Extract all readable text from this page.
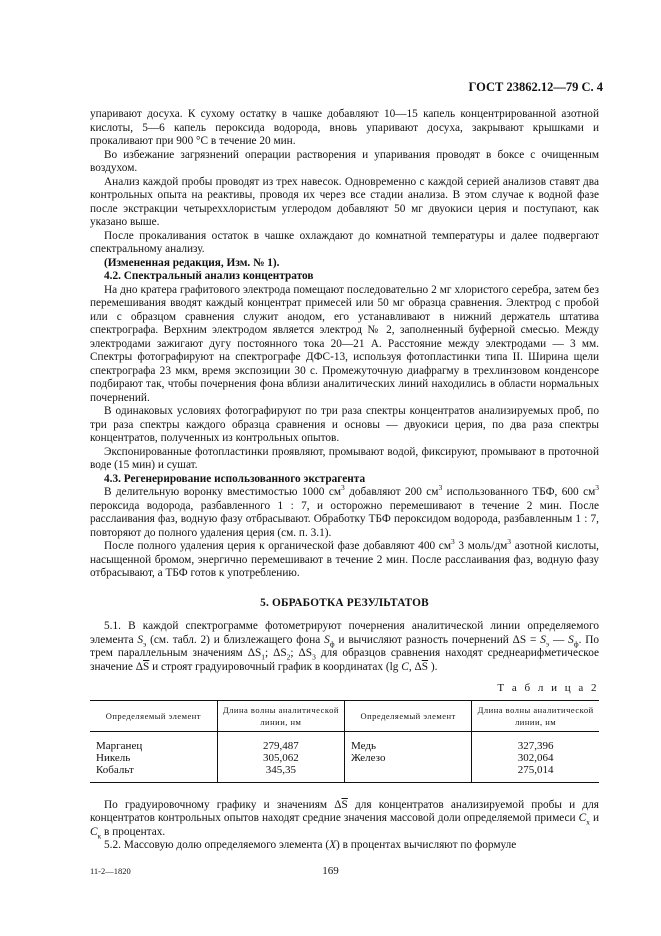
ГОСТ 23862.12—79 С. 4

упаривают досуха. К сухому остатку в чашке добавляют 10—15 капель концентрированной азотной кислоты, 5—6 капель пероксида водорода, вновь упаривают досуха, закрывают крышками и прокаливают при 900 °С в течение 20 мин.

Во избежание загрязнений операции растворения и упаривания проводят в боксе с очищенным воздухом.

Анализ каждой пробы проводят из трех навесок. Одновременно с каждой серией анализов ставят два контрольных опыта на реактивы, проводя их через все стадии анализа. В этом случае к водной фазе после экстракции четыреххлористым углеродом добавляют 50 мг двуокиси церия и поступают, как указано выше.

После прокаливания остаток в чашке охлаждают до комнатной температуры и далее подвергают спектральному анализу.

(Измененная редакция, Изм. № 1).

4.2. Спектральный анализ концентратов

На дно кратера графитового электрода помещают последовательно 2 мг хлористого серебра, затем без перемешивания вводят каждый концентрат примесей или 50 мг образца сравнения. Электрод с пробой или с образцом сравнения служит анодом, его устанавливают в нижний держатель штатива спектрографа. Верхним электродом является электрод № 2, заполненный буферной смесью. Между электродами зажигают дугу постоянного тока 20—21 А. Расстояние между электродами — 3 мм. Спектры фотографируют на спектрографе ДФС-13, используя фотопластинки типа II. Ширина щели спектрографа 23 мкм, время экспозиции 30 с. Промежуточную диафрагму в трехлинзовом конденсоре подбирают так, чтобы почернения фона вблизи аналитических линий находились в области нормальных почернений.

В одинаковых условиях фотографируют по три раза спектры концентратов анализируемых проб, по три раза спектры каждого образца сравнения и основы — двуокиси церия, по два раза спектры концентратов, полученных из контрольных опытов.

Экспонированные фотопластинки проявляют, промывают водой, фиксируют, промывают в проточной воде (15 мин) и сушат.

4.3. Регенерирование использованного экстрагента

В делительную воронку вместимостью 1000 $см^3$ добавляют 200 $см^3$ использованного ТБФ, 600 $см^3$ пероксида водорода, разбавленного 1 : 7, и осторожно перемешивают в течение 2 мин. После расслаивания фаз, водную фазу отбрасывают. Обработку ТБФ пероксидом водорода, разбавленным 1 : 7, повторяют до полного удаления церия (см. п. 3.1).

После полного удаления церия к органической фазе добавляют 400 $см^3$ 3 моль/$дм^3$ азотной кислоты, насыщенной бромом, энергично перемешивают в течение 2 мин. После расслаивания фаз, водную фазу отбрасывают, а ТБФ готов к употреблению.

5. ОБРАБОТКА РЕЗУЛЬТАТОВ

5.1. В каждой спектрограмме фотометрируют почернения аналитической линии определяемого элемента $S_э$ (см. табл. 2) и близлежащего фона $S_ф$ и вычисляют разность почернений $\Delta S = S_э$ — $S_ф$. По трем параллельным значениям $\Delta S_1$; $\Delta S_2$; $\Delta S_3$ для образцов сравнения находят среднеарифметическое значение $\Delta\overline{S}$ и строят градуировочный график в координатах (lg C, $\Delta\overline{S}$ ).

Т а б л и ц а 2
Определяемый элемент	Длина волны аналитической линии, нм	Определяемый элемент	Длина волны аналитической линии, нм
Марганец	279,487	Медь	327,396
Никель	305,062	Железо	302,064
Кобальт	345,35		275,014

По градуировочному графику и значениям $\Delta\overline{S}$ для концентратов анализируемой пробы и для концентратов контрольных опытов находят средние значения массовой доли определяемой примеси $C_x$ и $C_к$ в процентах.

5.2. Массовую долю определяемого элемента (X) в процентах вычисляют по формуле

11-2—1820	169
